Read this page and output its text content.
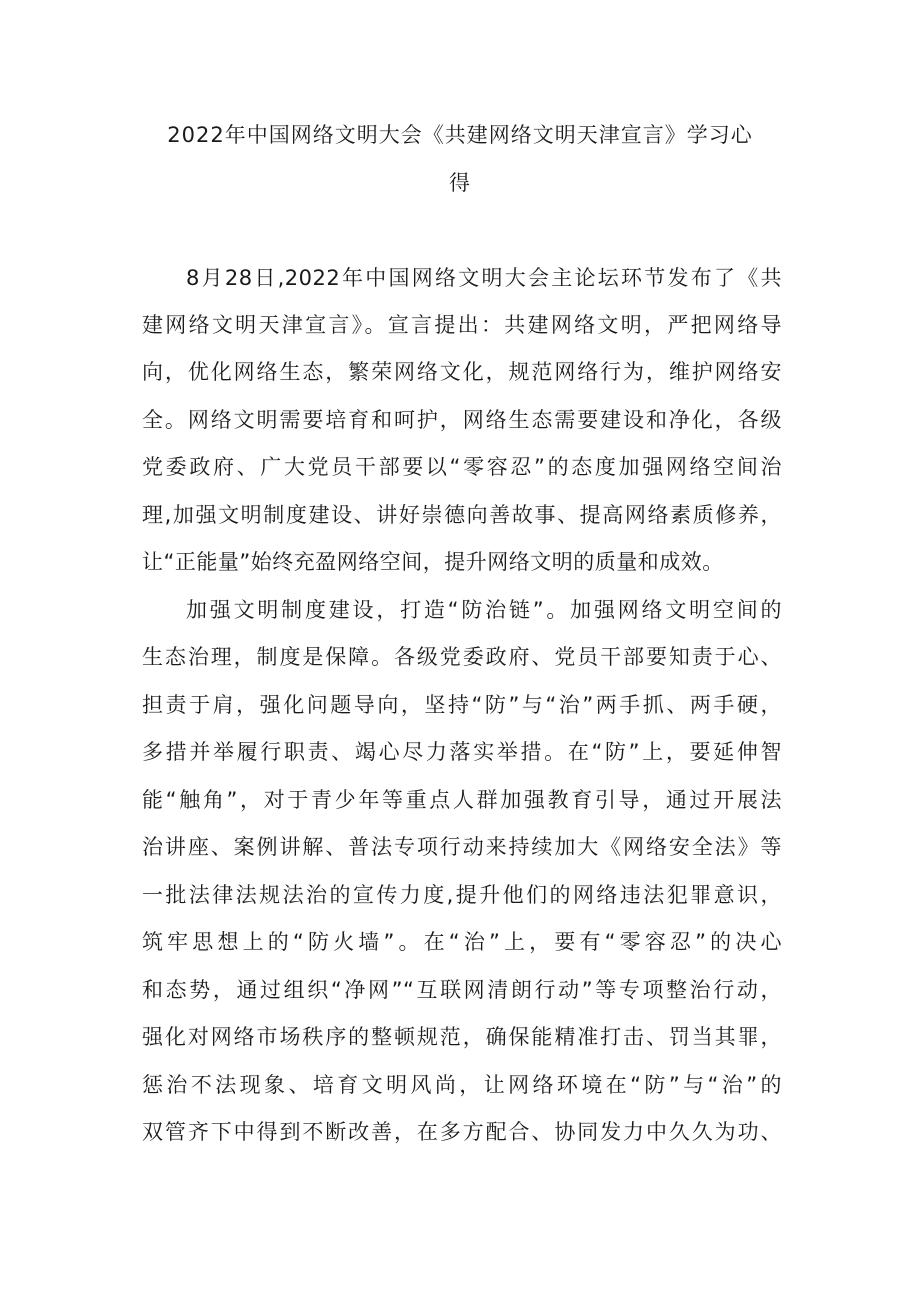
2022年中国网络文明大会《共建网络文明天津宣言》学习心
得
8月28日,2022年中国网络文明大会主论坛环节发布了《共
建网络文明天津宣言》。宣言提出：共建网络文明，严把网络导
向，优化网络生态，繁荣网络文化，规范网络行为，维护网络安
全。网络文明需要培育和呵护，网络生态需要建设和净化，各级
党委政府、广大党员干部要以“零容忍”的态度加强网络空间治
理,加强文明制度建设、讲好崇德向善故事、提高网络素质修养，
让“正能量”始终充盈网络空间，提升网络文明的质量和成效。
加强文明制度建设，打造“防治链”。加强网络文明空间的
生态治理，制度是保障。各级党委政府、党员干部要知责于心、
担责于肩，强化问题导向，坚持“防”与“治”两手抓、两手硬，
多措并举履行职责、竭心尽力落实举措。在“防”上，要延伸智
能“触角”，对于青少年等重点人群加强教育引导，通过开展法
治讲座、案例讲解、普法专项行动来持续加大《网络安全法》等
一批法律法规法治的宣传力度,提升他们的网络违法犯罪意识，
筑牢思想上的“防火墙”。在“治”上，要有“零容忍”的决心
和态势，通过组织“净网”“互联网清朗行动”等专项整治行动，
强化对网络市场秩序的整顿规范，确保能精准打击、罚当其罪，
惩治不法现象、培育文明风尚，让网络环境在“防”与“治”的
双管齐下中得到不断改善，在多方配合、协同发力中久久为功、
